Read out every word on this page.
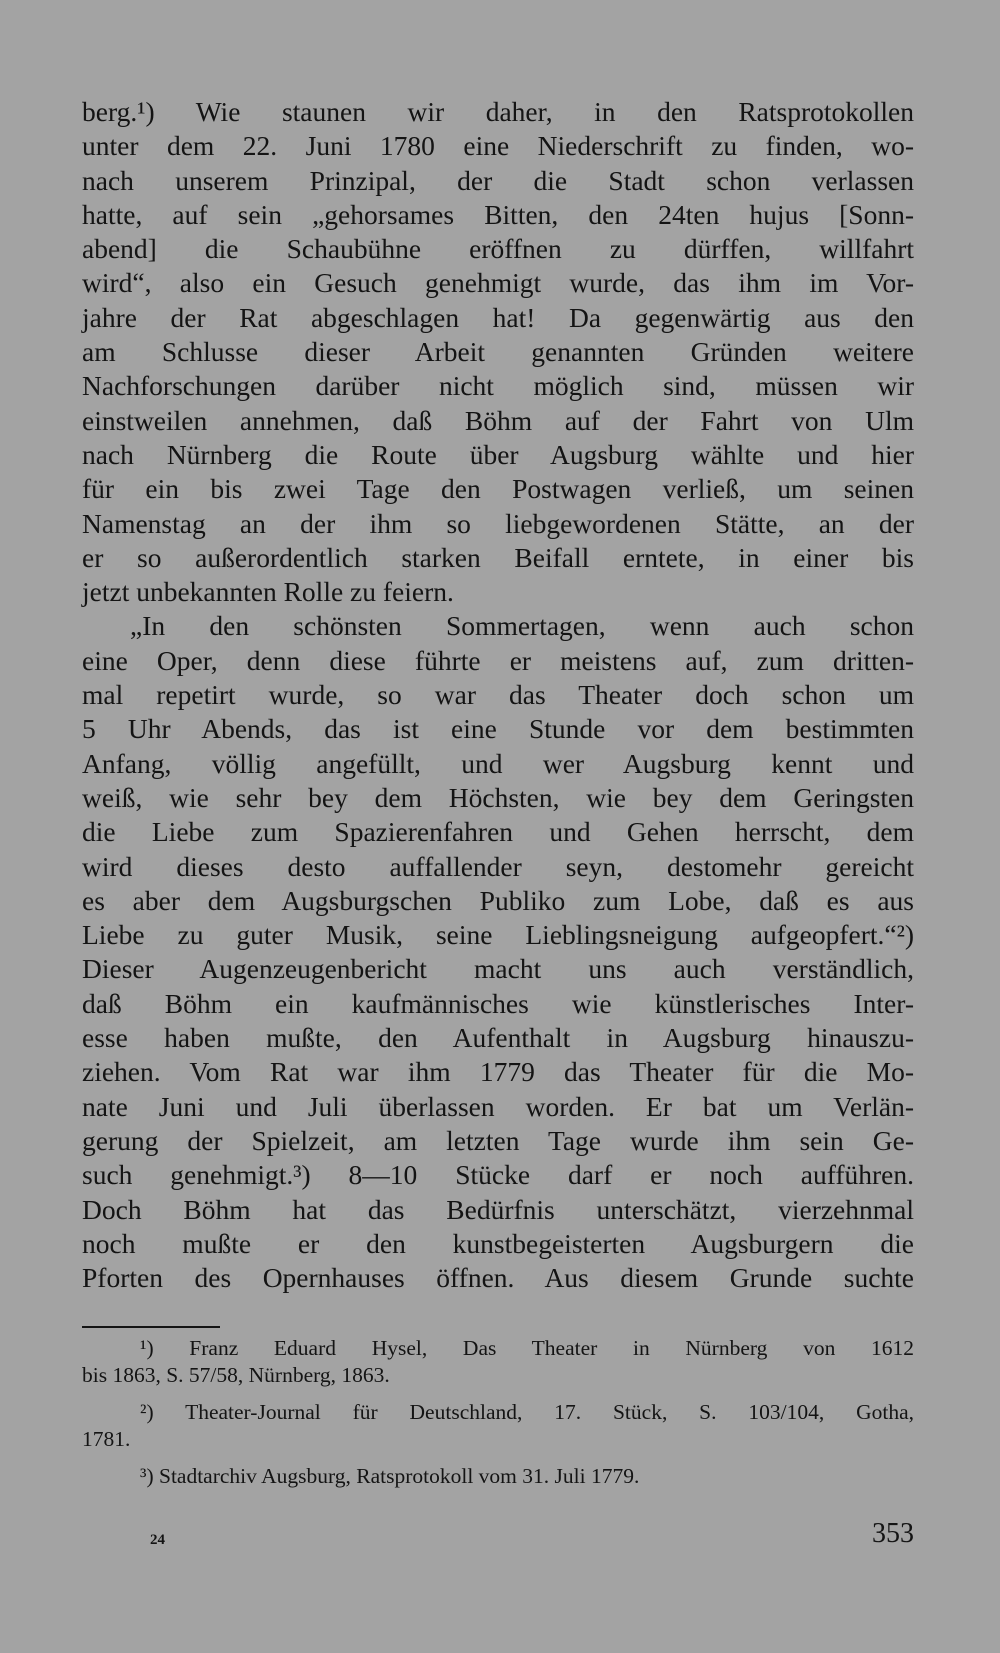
berg.¹) Wie staunen wir daher, in den Ratsprotokollen
unter dem 22. Juni 1780 eine Niederschrift zu finden, wo-
nach unserem Prinzipal, der die Stadt schon verlassen
hatte, auf sein „gehorsames Bitten, den 24ten hujus [Sonn-
abend] die Schaubühne eröffnen zu dürffen, willfahrt
wird“, also ein Gesuch genehmigt wurde, das ihm im Vor-
jahre der Rat abgeschlagen hat! Da gegenwärtig aus den
am Schlusse dieser Arbeit genannten Gründen weitere
Nachforschungen darüber nicht möglich sind, müssen wir
einstweilen annehmen, daß Böhm auf der Fahrt von Ulm
nach Nürnberg die Route über Augsburg wählte und hier
für ein bis zwei Tage den Postwagen verließ, um seinen
Namenstag an der ihm so liebgewordenen Stätte, an der
er so außerordentlich starken Beifall erntete, in einer bis
jetzt unbekannten Rolle zu feiern.
„In den schönsten Sommertagen, wenn auch schon
eine Oper, denn diese führte er meistens auf, zum dritten-
mal repetirt wurde, so war das Theater doch schon um
5 Uhr Abends, das ist eine Stunde vor dem bestimmten
Anfang, völlig angefüllt, und wer Augsburg kennt und
weiß, wie sehr bey dem Höchsten, wie bey dem Geringsten
die Liebe zum Spazierenfahren und Gehen herrscht, dem
wird dieses desto auffallender seyn, destomehr gereicht
es aber dem Augsburgschen Publiko zum Lobe, daß es aus
Liebe zu guter Musik, seine Lieblingsneigung aufgeopfert.“²)
Dieser Augenzeugenbericht macht uns auch verständlich,
daß Böhm ein kaufmännisches wie künstlerisches Inter-
esse haben mußte, den Aufenthalt in Augsburg hinauszu-
ziehen. Vom Rat war ihm 1779 das Theater für die Mo-
nate Juni und Juli überlassen worden. Er bat um Verlän-
gerung der Spielzeit, am letzten Tage wurde ihm sein Ge-
such genehmigt.³) 8—10 Stücke darf er noch aufführen.
Doch Böhm hat das Bedürfnis unterschätzt, vierzehnmal
noch mußte er den kunstbegeisterten Augsburgern die
Pforten des Opernhauses öffnen. Aus diesem Grunde suchte
¹) Franz Eduard Hysel, Das Theater in Nürnberg von 1612
bis 1863, S. 57/58, Nürnberg, 1863.
²) Theater-Journal für Deutschland, 17. Stück, S. 103/104, Gotha,
1781.
³) Stadtarchiv Augsburg, Ratsprotokoll vom 31. Juli 1779.
24	353
